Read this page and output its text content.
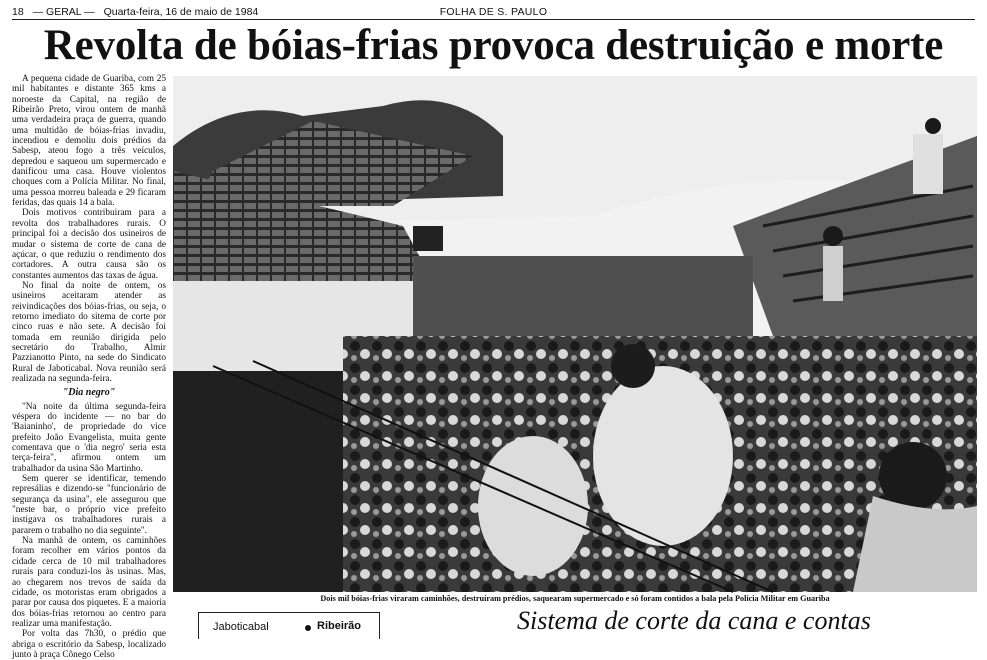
18 — GERAL — Quarta-feira, 16 de maio de 1984	FOLHA DE S. PAULO
Revolta de bóias-frias provoca destruição e morte

A pequena cidade de Guariba, com 25 mil habitantes e distante 365 kms a noroeste da Capital, na região de Ribeirão Preto, virou ontem de manhã uma verdadeira praça de guerra, quando uma multidão de bóias-frias invadiu, incendiou e demoliu dois prédios da Sabesp, ateou fogo a três veículos, depredou e saqueou um supermercado e danificou uma casa. Houve violentos choques com a Polícia Militar. No final, uma pessoa morreu baleada e 29 ficaram feridas, das quais 14 a bala.

Dois motivos contribuiram para a revolta dos trabalhadores rurais. O principal foi a decisão dos usineiros de mudar o sistema de corte de cana de açúcar, o que reduziu o rendimento dos cortadores. A outra causa são os constantes aumentos das taxas de água.

No final da noite de ontem, os usineiros aceitaram atender as reivindicações dos bóias-frias, ou seja, o retorno imediato do sitema de corte por cinco ruas e não sete. A decisão foi tomada em reunião dirigida pelo secretário do Trabalho, Almir Pazzianotto Pinto, na sede do Sindicato Rural de Jaboticabal. Nova reunião será realizada na segunda-feira.

"Dia negro"

"Na noite da última segunda-feira véspera do incidente — no bar do 'Baianinho', de propriedade do vice prefeito João Evangelista, muita gente comentava que o 'dia negro' seria esta terça-feira", afirmou ontem um trabalhador da usina São Martinho.

Sem querer se identificar, temendo represálias e dizendo-se "funcionário de segurança da usina", ele assegurou que "neste bar, o próprio vice prefeito instigava os trabalhadores rurais a pararem o trabalho no dia seguinte".

Na manhã de ontem, os caminhões foram recolher em vários pontos da cidade cerca de 10 mil trabalhadores rurais para conduzi-los às usinas. Mas, ao chegarem nos trevos de saída da cidade, os motoristas eram obrigados a parar por causa dos piquetes. E a maioria dos bóias-frias retornou ao centro para realizar uma manifestação.

Por volta das 7h30, o prédio que abriga o escritório da Sabesp, localizado junto à praça Cônego Celso

Dois mil bóias-frias viraram caminhões, destruíram prédios, saquearam supermercado e só foram contidos a bala pela Polícia Militar em Guariba
Jaboticabal	Ribeirão	Sistema de corte da cana e contas
